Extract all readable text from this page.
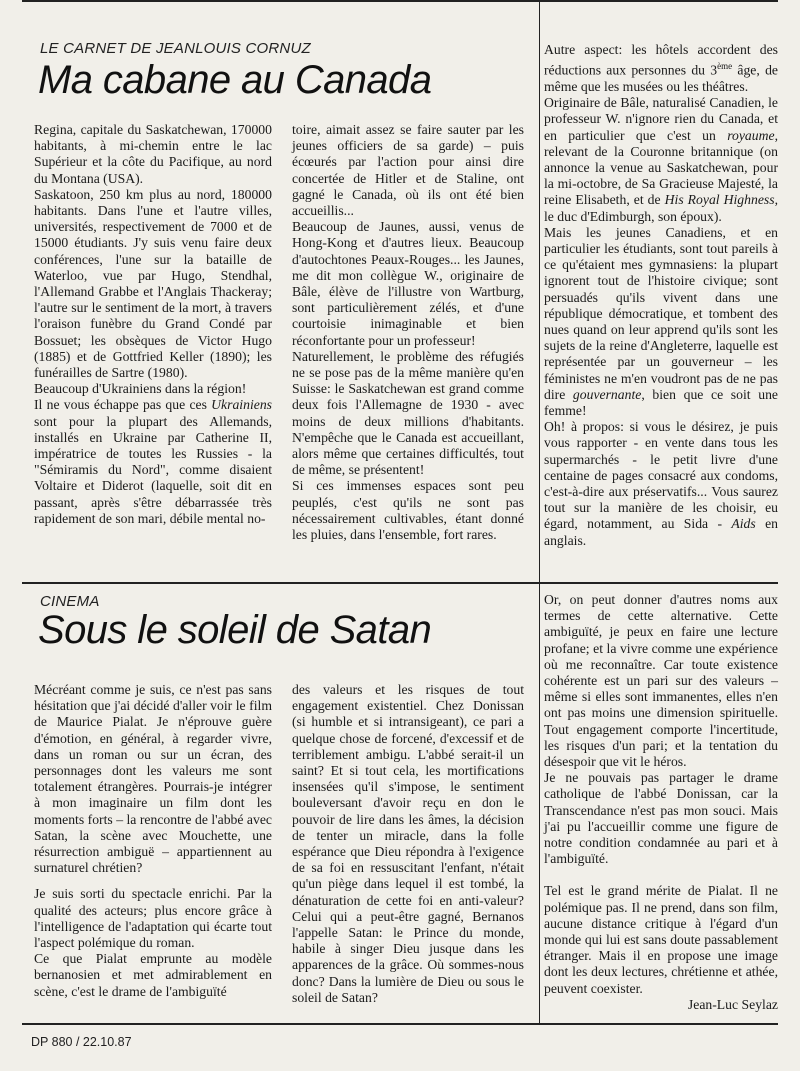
LE CARNET DE JEANLOUIS CORNUZ
Ma cabane au Canada

Regina, capitale du Saskatchewan, 170000 habitants, à mi-chemin entre le lac Supérieur et la côte du Pacifique, au nord du Montana (USA).

Saskatoon, 250 km plus au nord, 180000 habitants. Dans l'une et l'autre villes, universités, respectivement de 7000 et de 15000 étudiants. J'y suis venu faire deux conférences, l'une sur la bataille de Waterloo, vue par Hugo, Stendhal, l'Allemand Grabbe et l'Anglais Thackeray; l'autre sur le sentiment de la mort, à travers l'oraison funèbre du Grand Condé par Bossuet; les obsèques de Victor Hugo (1885) et de Gottfried Keller (1890); les funérailles de Sartre (1980).

Beaucoup d'Ukrainiens dans la région!

Il ne vous échappe pas que ces Ukrainiens sont pour la plupart des Allemands, installés en Ukraine par Catherine II, impératrice de toutes les Russies - la "Sémiramis du Nord", comme disaient Voltaire et Diderot (laquelle, soit dit en passant, après s'être débarrassée très rapidement de son mari, débile mental no-

toire, aimait assez se faire sauter par les jeunes officiers de sa garde) – puis écœurés par l'action pour ainsi dire concertée de Hitler et de Staline, ont gagné le Canada, où ils ont été bien accueillis...

Beaucoup de Jaunes, aussi, venus de Hong-Kong et d'autres lieux. Beaucoup d'autochtones Peaux-Rouges... les Jaunes, me dit mon collègue W., originaire de Bâle, élève de l'illustre von Wartburg, sont particulièrement zélés, et d'une courtoisie inimaginable et bien réconfortante pour un professeur!

Naturellement, le problème des réfugiés ne se pose pas de la même manière qu'en Suisse: le Saskatchewan est grand comme deux fois l'Allemagne de 1930 - avec moins de deux millions d'habitants. N'empêche que le Canada est accueillant, alors même que certaines difficultés, tout de même, se présentent!

Si ces immenses espaces sont peu peuplés, c'est qu'ils ne sont pas nécessairement cultivables, étant donné les pluies, dans l'ensemble, fort rares.

Autre aspect: les hôtels accordent des réductions aux personnes du 3ème âge, de même que les musées ou les théâtres.

Originaire de Bâle, naturalisé Canadien, le professeur W. n'ignore rien du Canada, et en particulier que c'est un royaume, relevant de la Couronne britannique (on annonce la venue au Saskatchewan, pour la mi-octobre, de Sa Gracieuse Majesté, la reine Elisabeth, et de His Royal Highness, le duc d'Edimburgh, son époux).

Mais les jeunes Canadiens, et en particulier les étudiants, sont tout pareils à ce qu'étaient mes gymnasiens: la plupart ignorent tout de l'histoire civique; sont persuadés qu'ils vivent dans une république démocratique, et tombent des nues quand on leur apprend qu'ils sont les sujets de la reine d'Angleterre, laquelle est représentée par un gouverneur – les féministes ne m'en voudront pas de ne pas dire gouvernante, bien que ce soit une femme!

Oh! à propos: si vous le désirez, je puis vous rapporter - en vente dans tous les supermarchés - le petit livre d'une centaine de pages consacré aux condoms, c'est-à-dire aux préservatifs... Vous saurez tout sur la manière de les choisir, eu égard, notamment, au Sida - Aids en anglais.

CINEMA
Sous le soleil de Satan

Mécréant comme je suis, ce n'est pas sans hésitation que j'ai décidé d'aller voir le film de Maurice Pialat. Je n'éprouve guère d'émotion, en général, à regarder vivre, dans un roman ou sur un écran, des personnages dont les valeurs me sont totalement étrangères. Pourrais-je intégrer à mon imaginaire un film dont les moments forts – la rencontre de l'abbé avec Satan, la scène avec Mouchette, une résurrection ambiguë – appartiennent au surnaturel chrétien?

Je suis sorti du spectacle enrichi. Par la qualité des acteurs; plus encore grâce à l'intelligence de l'adaptation qui écarte tout l'aspect polémique du roman.

Ce que Pialat emprunte au modèle bernanosien et met admirablement en scène, c'est le drame de l'ambiguïté

des valeurs et les risques de tout engagement existentiel. Chez Donissan (si humble et si intransigeant), ce pari a quelque chose de forcené, d'excessif et de terriblement ambigu. L'abbé serait-il un saint? Et si tout cela, les mortifications insensées qu'il s'impose, le sentiment bouleversant d'avoir reçu en don le pouvoir de lire dans les âmes, la décision de tenter un miracle, dans la folle espérance que Dieu répondra à l'exigence de sa foi en ressuscitant l'enfant, n'était qu'un piège dans lequel il est tombé, la dénaturation de cette foi en anti-valeur? Celui qui a peut-être gagné, Bernanos l'appelle Satan: le Prince du monde, habile à singer Dieu jusque dans les apparences de la grâce. Où sommes-nous donc? Dans la lumière de Dieu ou sous le soleil de Satan?

Or, on peut donner d'autres noms aux termes de cette alternative. Cette ambiguïté, je peux en faire une lecture profane; et la vivre comme une expérience où me reconnaître. Car toute existence cohérente est un pari sur des valeurs – même si elles sont immanentes, elles n'en ont pas moins une dimension spirituelle. Tout engagement comporte l'incertitude, les risques d'un pari; et la tentation du désespoir que vit le héros.

Je ne pouvais pas partager le drame catholique de l'abbé Donissan, car la Transcendance n'est pas mon souci. Mais j'ai pu l'accueillir comme une figure de notre condition condamnée au pari et à l'ambiguïté.

Tel est le grand mérite de Pialat. Il ne polémique pas. Il ne prend, dans son film, aucune distance critique à l'égard d'un monde qui lui est sans doute passablement étranger. Mais il en propose une image dont les deux lectures, chrétienne et athée, peuvent coexister.

Jean-Luc Seylaz

DP 880 / 22.10.87
